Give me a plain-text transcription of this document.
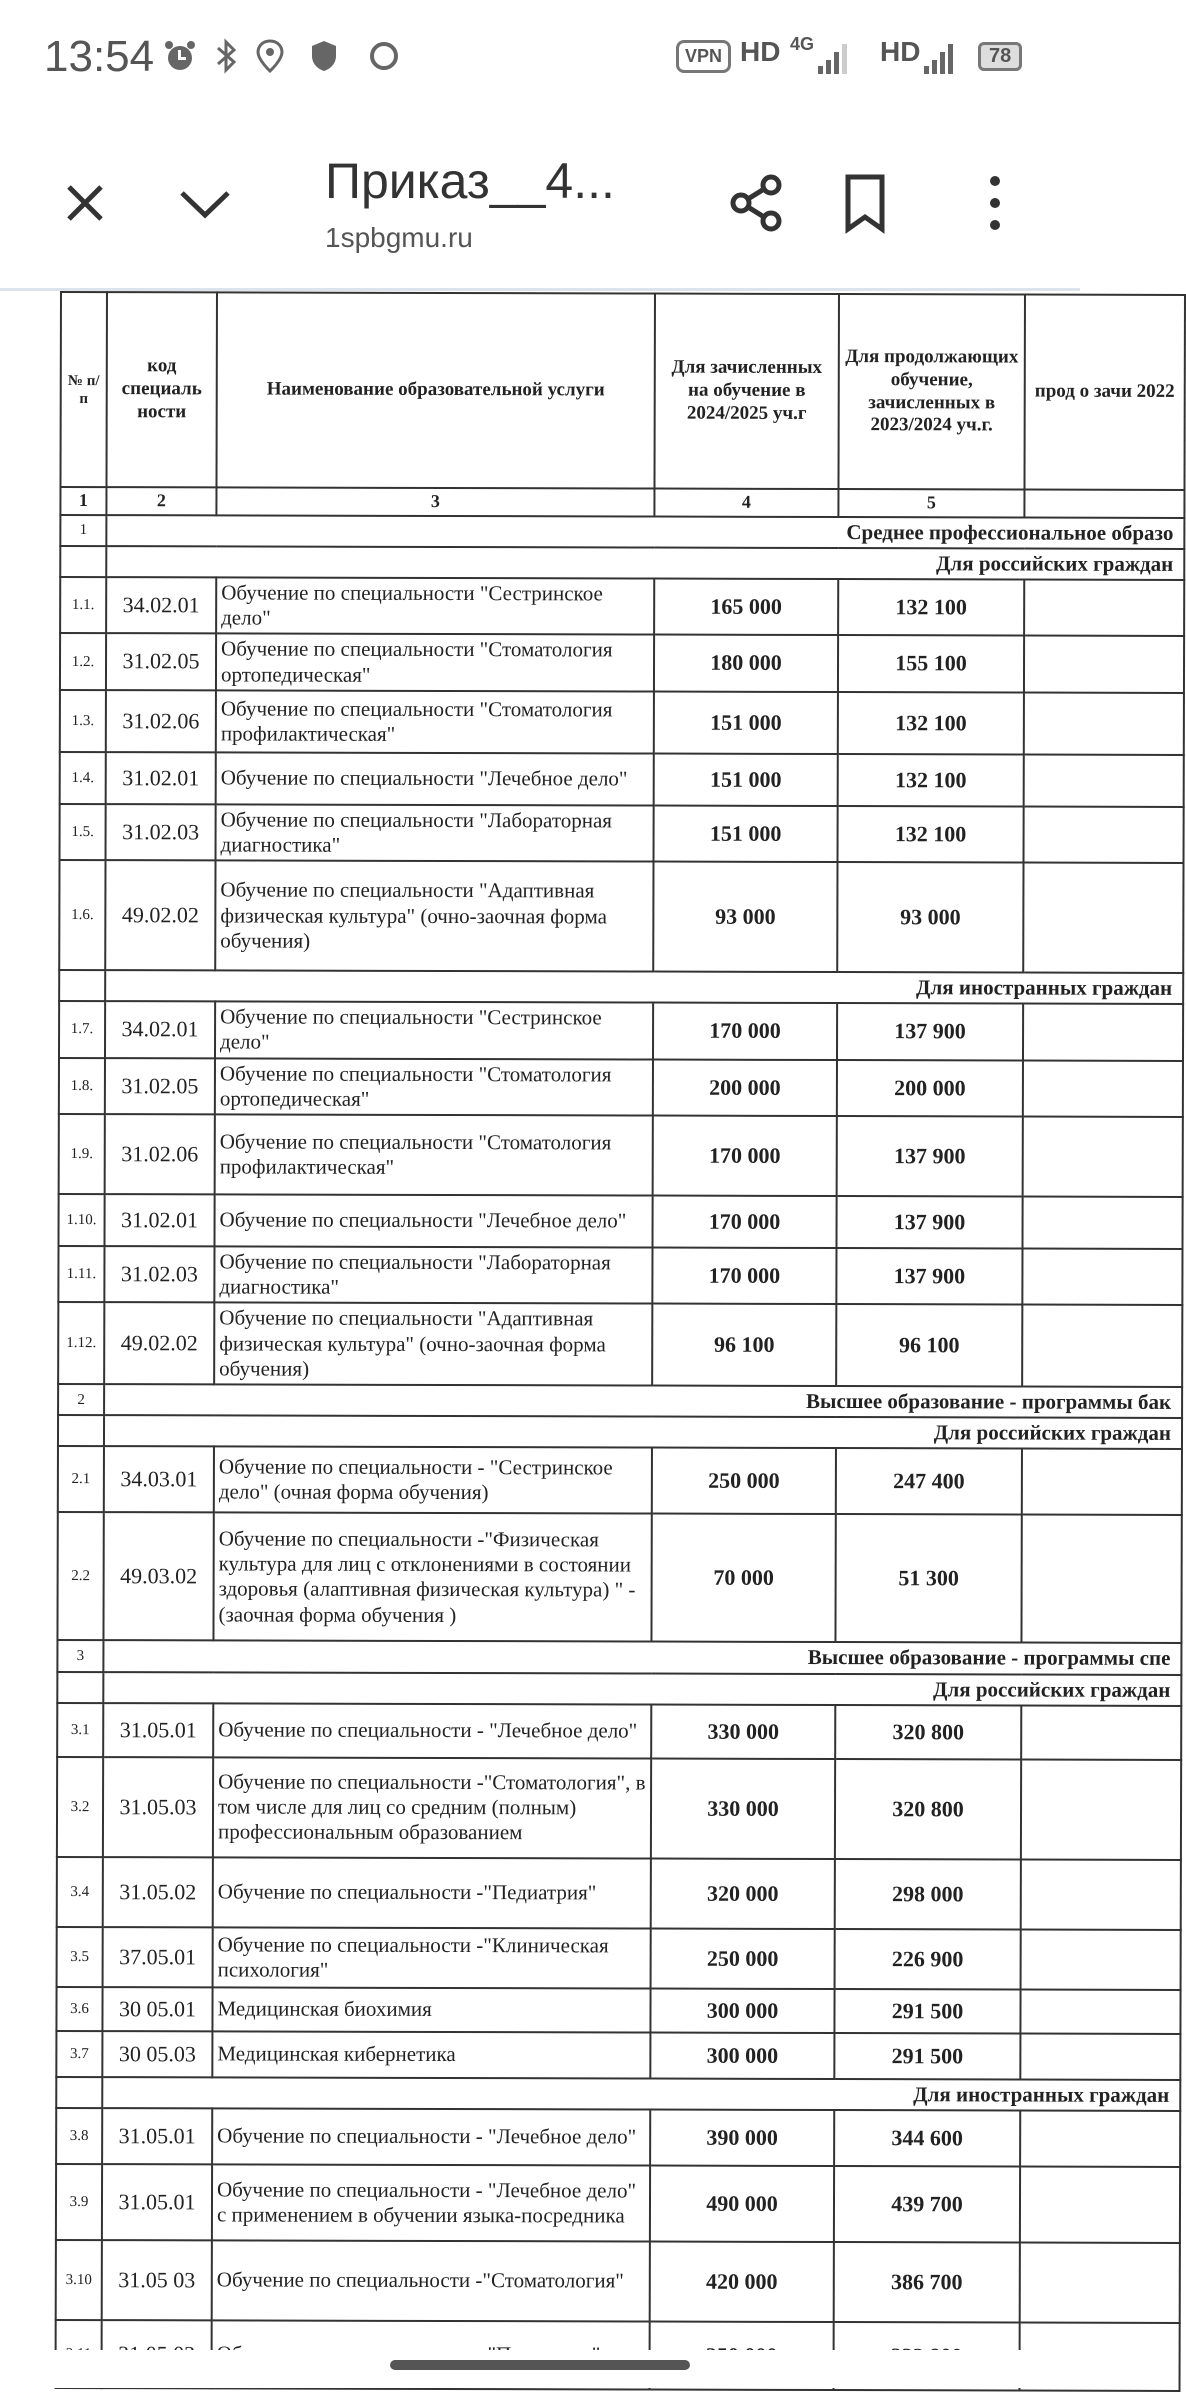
13:54	VPN HD 4G HD	78
Приказ__4...
1spbgmu.ru
№ п/п	код специаль ности	Наименование образовательной услуги	Для зачисленных на обучение в 2024/2025 уч.г	Для продолжающих обучение, зачисленных в 2023/2024 уч.г.	прод о зачи 2022
1	2	3	4	5	
1	Среднее профессиональное образо				
	Для российских граждан				
1.1.	34.02.01	Обучение по специальности "Сестринское дело"	165 000	132 100	
1.2.	31.02.05	Обучение по специальности "Стоматология ортопедическая"	180 000	155 100	
1.3.	31.02.06	Обучение по специальности "Стоматология профилактическая"	151 000	132 100	
1.4.	31.02.01	Обучение по специальности "Лечебное дело"	151 000	132 100	
1.5.	31.02.03	Обучение по специальности "Лабораторная диагностика"	151 000	132 100	
1.6.	49.02.02	Обучение по специальности "Адаптивная физическая культура" (очно-заочная форма обучения)	93 000	93 000	
	Для иностранных граждан				
1.7.	34.02.01	Обучение по специальности "Сестринское дело"	170 000	137 900	
1.8.	31.02.05	Обучение по специальности "Стоматология ортопедическая"	200 000	200 000	
1.9.	31.02.06	Обучение по специальности "Стоматология профилактическая"	170 000	137 900	
1.10.	31.02.01	Обучение по специальности "Лечебное дело"	170 000	137 900	
1.11.	31.02.03	Обучение по специальности "Лабораторная диагностика"	170 000	137 900	
1.12.	49.02.02	Обучение по специальности "Адаптивная физическая культура" (очно-заочная форма обучения)	96 100	96 100	
2	Высшее образование - программы бак				
	Для российских граждан				
2.1	34.03.01	Обучение по специальности - "Сестринское дело" (очная форма обучения)	250 000	247 400	
2.2	49.03.02	Обучение по специальности -"Физическая культура для лиц с отклонениями в состоянии здоровья (алаптивная физическая культура) " - (заочная форма обучения )	70 000	51 300	
3	Высшее образование - программы спе				
	Для российских граждан				
3.1	31.05.01	Обучение по специальности - "Лечебное дело"	330 000	320 800	
3.2	31.05.03	Обучение по специальности -"Стоматология", в том числе для лиц со средним (полным) профессиональным образованием	330 000	320 800	
3.4	31.05.02	Обучение по специальности -"Педиатрия"	320 000	298 000	
3.5	37.05.01	Обучение по специальности -"Клиническая психология"	250 000	226 900	
3.6	30 05.01	Медицинская биохимия	300 000	291 500	
3.7	30 05.03	Медицинская кибернетика	300 000	291 500	
	Для иностранных граждан				
3.8	31.05.01	Обучение по специальности - "Лечебное дело"	390 000	344 600	
3.9	31.05.01	Обучение по специальности - "Лечебное дело" с применением в обучении языка-посредника	490 000	439 700	
3.10	31.05 03	Обучение по специальности -"Стоматология"	420 000	386 700	
